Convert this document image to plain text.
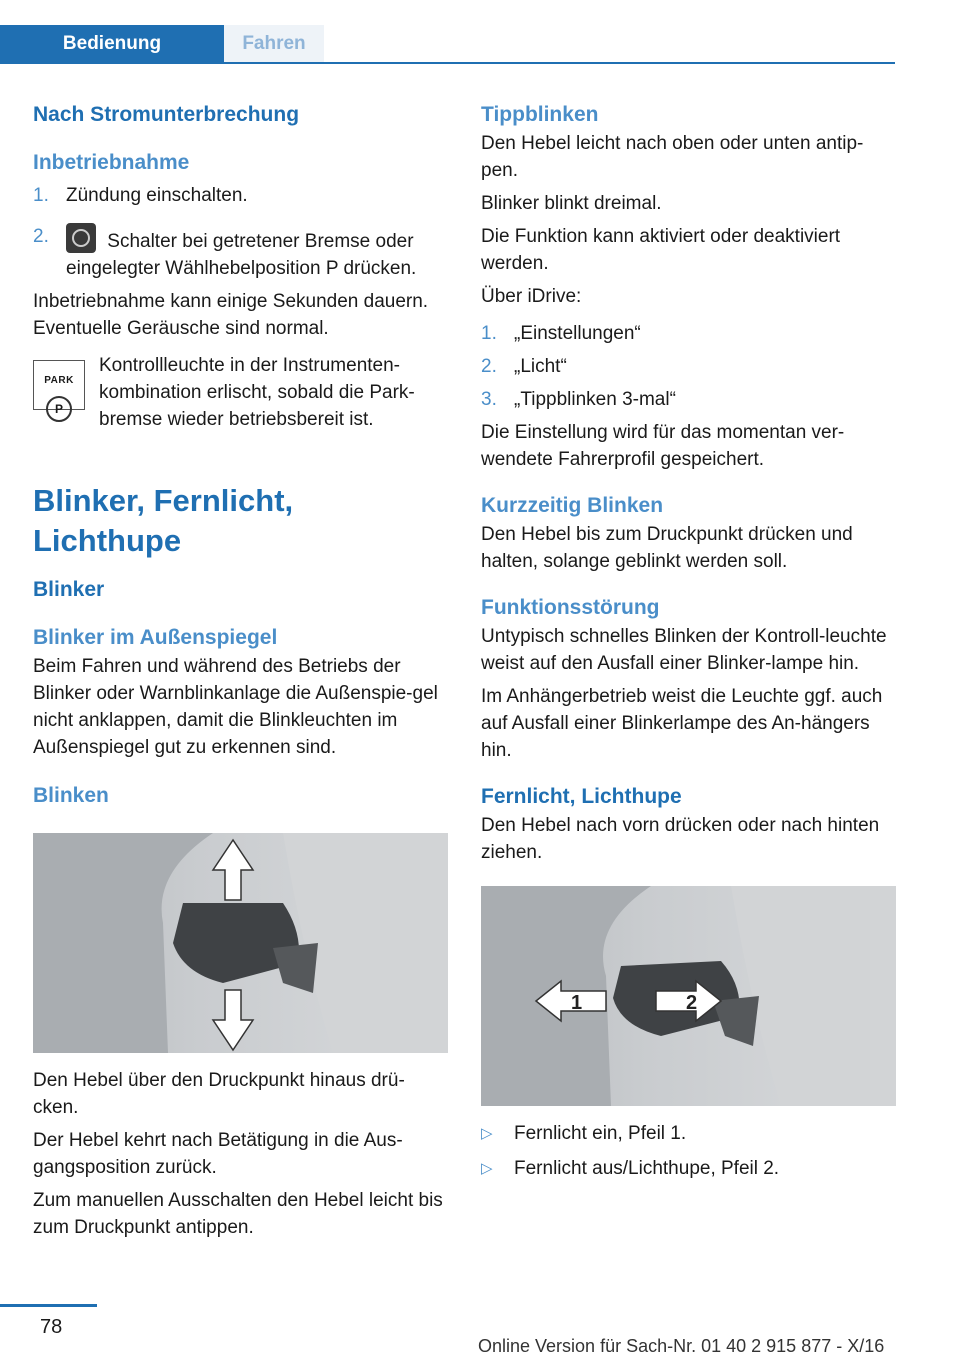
Bedienung	Fahren
Nach Stromunterbrechung
Inbetriebnahme
1. Zündung einschalten.
2.	Schalter bei getretener Bremse oder eingelegter Wählhebelposition P drücken.

Inbetriebnahme kann einige Sekunden dauern. Eventuelle Geräusche sind normal.

PARK
P
Kontrollleuchte in der Instrumenten-kombination erlischt, sobald die Park-bremse wieder betriebsbereit ist.
Blinker, Fernlicht, Lichthupe
Blinker
Blinker im Außenspiegel

Beim Fahren und während des Betriebs der Blinker oder Warnblinkanlage die Außenspie-gel nicht anklappen, damit die Blinkleuchten im Außenspiegel gut zu erkennen sind.

Blinken

Den Hebel über den Druckpunkt hinaus drü-cken.

Der Hebel kehrt nach Betätigung in die Aus-gangsposition zurück.

Zum manuellen Ausschalten den Hebel leicht bis zum Druckpunkt antippen.

Tippblinken

Den Hebel leicht nach oben oder unten antip-pen.

Blinker blinkt dreimal.

Die Funktion kann aktiviert oder deaktiviert werden.

Über iDrive:

1. „Einstellungen“
2. „Licht“
3. „Tippblinken 3-mal“

Die Einstellung wird für das momentan ver-wendete Fahrerprofil gespeichert.

Kurzzeitig Blinken

Den Hebel bis zum Druckpunkt drücken und halten, solange geblinkt werden soll.

Funktionsstörung

Untypisch schnelles Blinken der Kontroll-leuchte weist auf den Ausfall einer Blinker-lampe hin.

Im Anhängerbetrieb weist die Leuchte ggf. auch auf Ausfall einer Blinkerlampe des An-hängers hin.

Fernlicht, Lichthupe

Den Hebel nach vorn drücken oder nach hinten ziehen.

1	2
▷ Fernlicht ein, Pfeil 1.
▷ Fernlicht aus/Lichthupe, Pfeil 2.
78
Online Version für Sach-Nr. 01 40 2 915 877 - X/16
